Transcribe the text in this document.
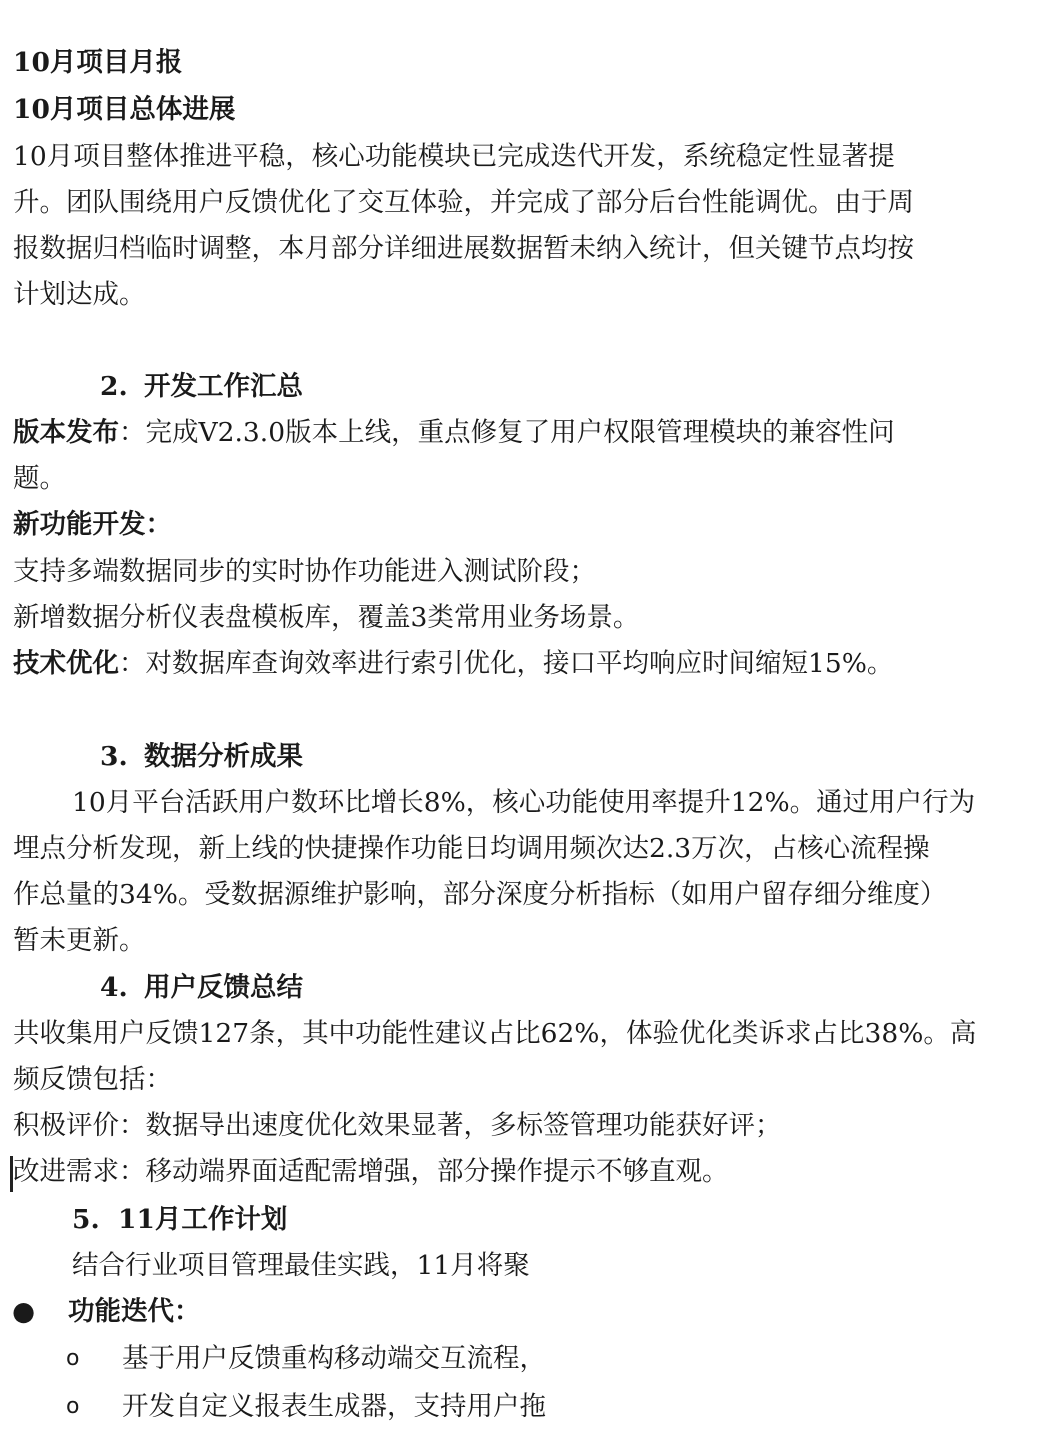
10月项目月报
10月项目总体进展
10月项目整体推进平稳，核心功能模块已完成迭代开发，系统稳定性显著提
升。团队围绕用户反馈优化了交互体验，并完成了部分后台性能调优。由于周
报数据归档临时调整，本月部分详细进展数据暂未纳入统计，但关键节点均按
计划达成。
2. 开发工作汇总
版本发布：完成V2.3.0版本上线，重点修复了用户权限管理模块的兼容性问
题。
新功能开发：
支持多端数据同步的实时协作功能进入测试阶段；
新增数据分析仪表盘模板库，覆盖3类常用业务场景。
技术优化：对数据库查询效率进行索引优化，接口平均响应时间缩短15%。
3. 数据分析成果
10月平台活跃用户数环比增长8%，核心功能使用率提升12%。通过用户行为
埋点分析发现，新上线的快捷操作功能日均调用频次达2.3万次，占核心流程操
作总量的34%。受数据源维护影响，部分深度分析指标（如用户留存细分维度）
暂未更新。
4. 用户反馈总结
共收集用户反馈127条，其中功能性建议占比62%，体验优化类诉求占比38%。高
频反馈包括：
积极评价：数据导出速度优化效果显著，多标签管理功能获好评；
改进需求：移动端界面适配需增强，部分操作提示不够直观。
5. 11月工作计划
结合行业项目管理最佳实践，11月将聚
●	功能迭代：
o	基于用户反馈重构移动端交互流程，
o	开发自定义报表生成器，支持用户拖
